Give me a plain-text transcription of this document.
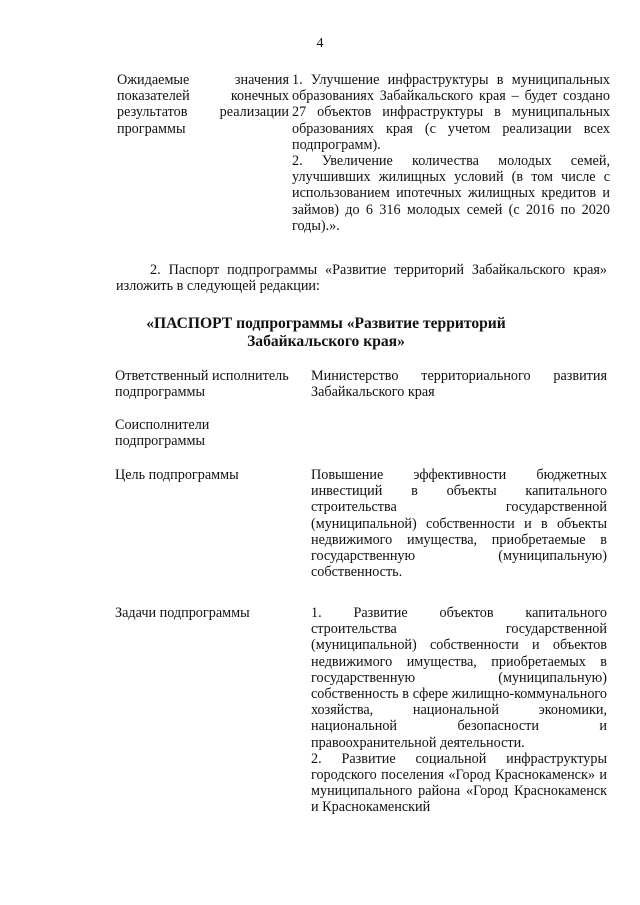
4
Ожидаемые значения показателей конечных результатов реализации программы

1. Улучшение инфраструктуры в муниципальных образованиях Забайкальского края – будет создано 27 объектов инфраструктуры в муниципальных образованиях края (с учетом реализации всех подпрограмм).

2. Увеличение количества молодых семей, улучшивших жилищных условий (в том числе с использованием ипотечных жилищных кредитов и займов) до 6 316 молодых семей (с 2016 по 2020 годы).».

2. Паспорт подпрограммы «Развитие территорий Забайкальского края» изложить в следующей редакции:

«ПАСПОРТ подпрограммы «Развитие территорий Забайкальского края»
Ответственный исполнитель подпрограммы
Министерство территориального развития Забайкальского края
Соисполнители подпрограммы
Цель подпрограммы	Повышение эффективности бюджетных инвестиций в объекты капитального строительства государственной (муниципальной) собственности и в объекты недвижимого имущества, приобретаемые в государственную (муниципальную) собственность.
Задачи подпрограммы	1. Развитие объектов капитального строительства государственной (муниципальной) собственности и объектов недвижимого имущества, приобретаемых в государственную (муниципальную) собственность в сфере жилищно-коммунального хозяйства, национальной экономики, национальной безопасности и правоохранительной деятельности.

2. Развитие социальной инфраструктуры городского поселения «Город Краснокаменск» и муниципального района «Город Краснокаменск и Краснокаменский
